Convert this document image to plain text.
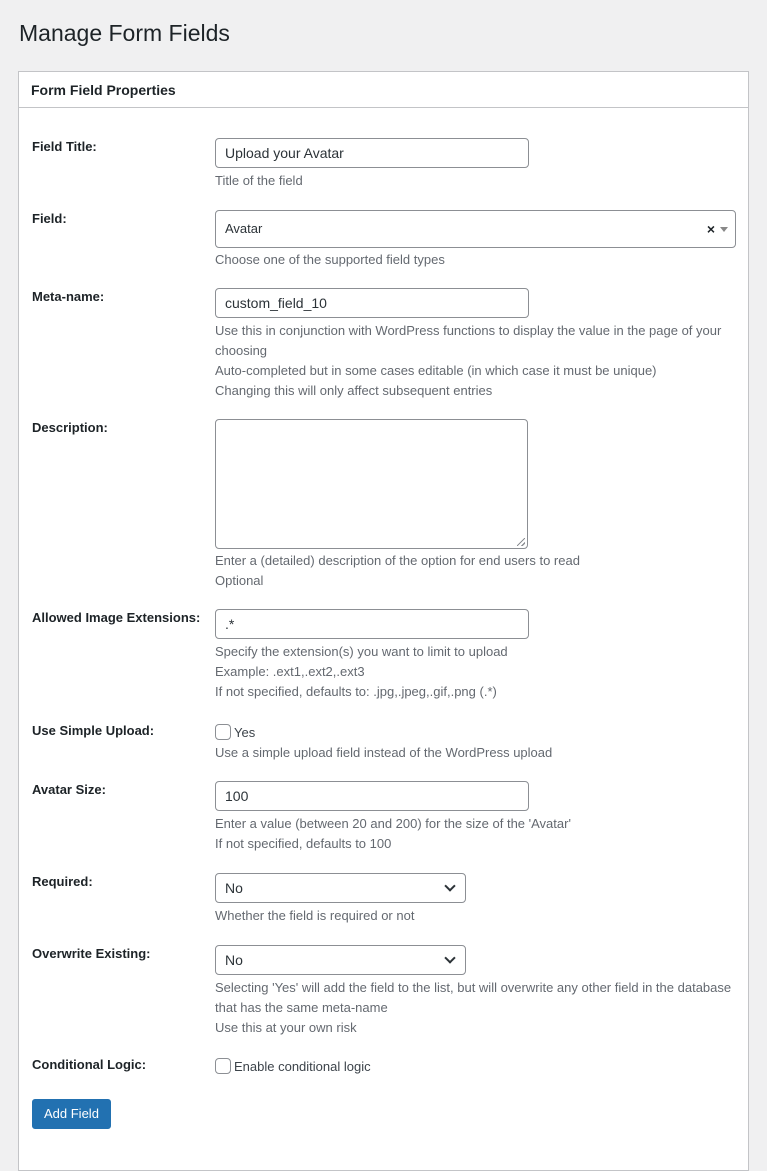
Manage Form Fields
Form Field Properties
Field Title:	Upload your Avatar
Title of the field
Field:
Avatar	×
Choose one of the supported field types
Meta-name:	custom_field_10
Use this in conjunction with WordPress functions to display the value in the page of your
choosing
Auto-completed but in some cases editable (in which case it must be unique)
Changing this will only affect subsequent entries
Description:
Enter a (detailed) description of the option for end users to read
Optional
Allowed Image Extensions:	.*
Specify the extension(s) you want to limit to upload
Example: .ext1,.ext2,.ext3
If not specified, defaults to: .jpg,.jpeg,.gif,.png (.*)
Use Simple Upload:	Yes
Use a simple upload field instead of the WordPress upload
Avatar Size:	100
Enter a value (between 20 and 200) for the size of the 'Avatar'
If not specified, defaults to 100
Required:	No
Whether the field is required or not
Overwrite Existing:	No
Selecting 'Yes' will add the field to the list, but will overwrite any other field in the database
that has the same meta-name
Use this at your own risk
Conditional Logic:	Enable conditional logic
Add Field
